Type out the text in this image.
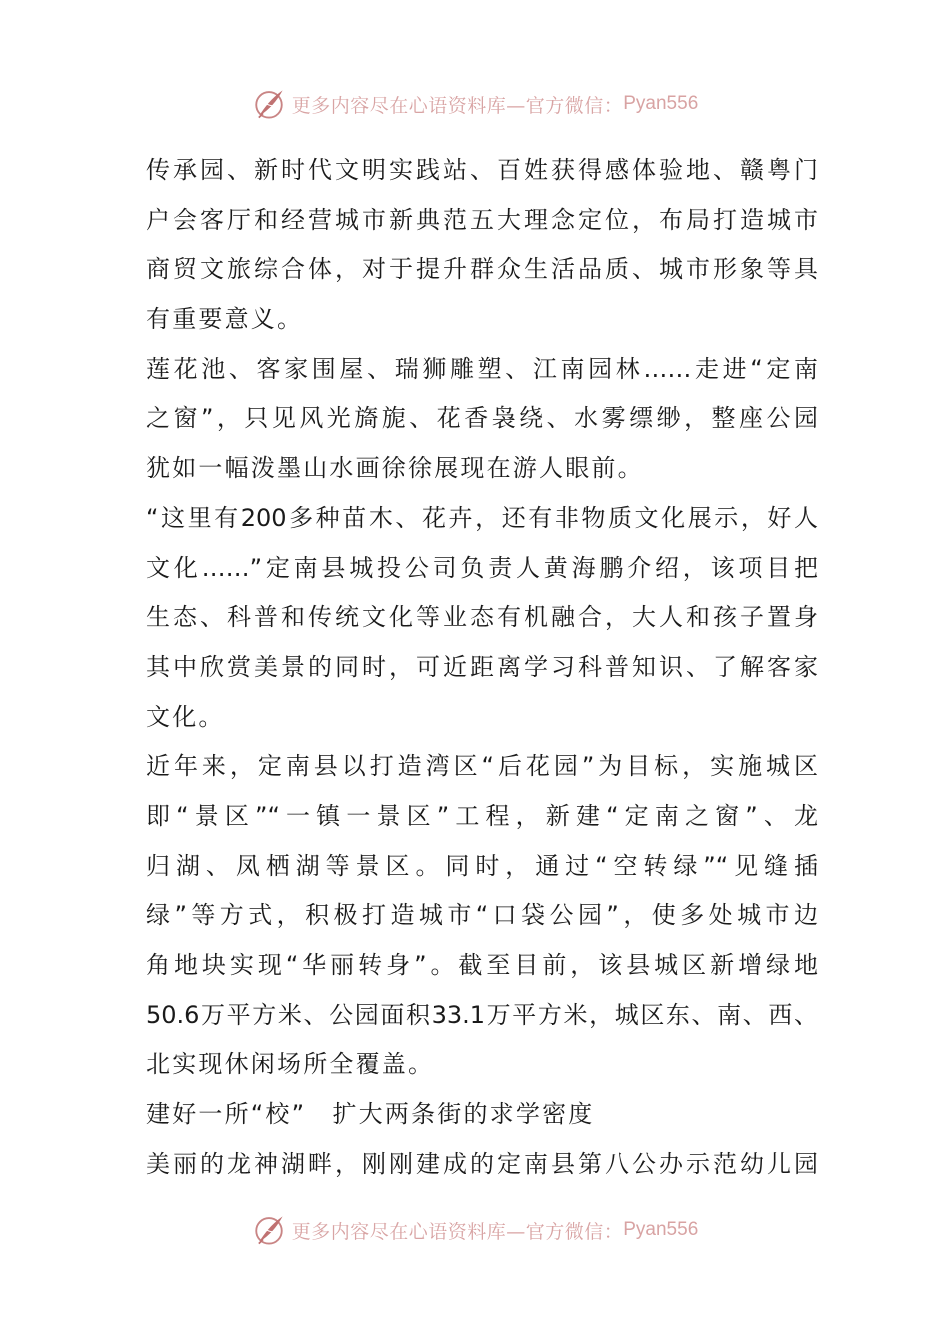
更多内容尽在心语资料库—官方微信： Pyan556
传承园、新时代文明实践站、百姓获得感体验地、赣粤门
户会客厅和经营城市新典范五大理念定位，布局打造城市
商贸文旅综合体，对于提升群众生活品质、城市形象等具
有重要意义。
莲花池、客家围屋、瑞狮雕塑、江南园林……走进“定南
之窗”，只见风光旖旎、花香袅绕、水雾缥缈，整座公园
犹如一幅泼墨山水画徐徐展现在游人眼前。
“这里有200多种苗木、花卉，还有非物质文化展示，好人
文化……”定南县城投公司负责人黄海鹏介绍，该项目把
生态、科普和传统文化等业态有机融合，大人和孩子置身
其中欣赏美景的同时，可近距离学习科普知识、了解客家
文化。
近年来，定南县以打造湾区“后花园”为目标，实施城区
即“景区”“一镇一景区”工程，新建“定南之窗”、龙
归湖、凤栖湖等景区。同时，通过“空转绿”“见缝插
绿”等方式，积极打造城市“口袋公园”，使多处城市边
角地块实现“华丽转身”。截至目前，该县城区新增绿地
50.6万平方米、公园面积33.1万平方米，城区东、南、西、
北实现休闲场所全覆盖。
建好一所“校”　扩大两条街的求学密度
美丽的龙神湖畔，刚刚建成的定南县第八公办示范幼儿园
更多内容尽在心语资料库—官方微信： Pyan556
